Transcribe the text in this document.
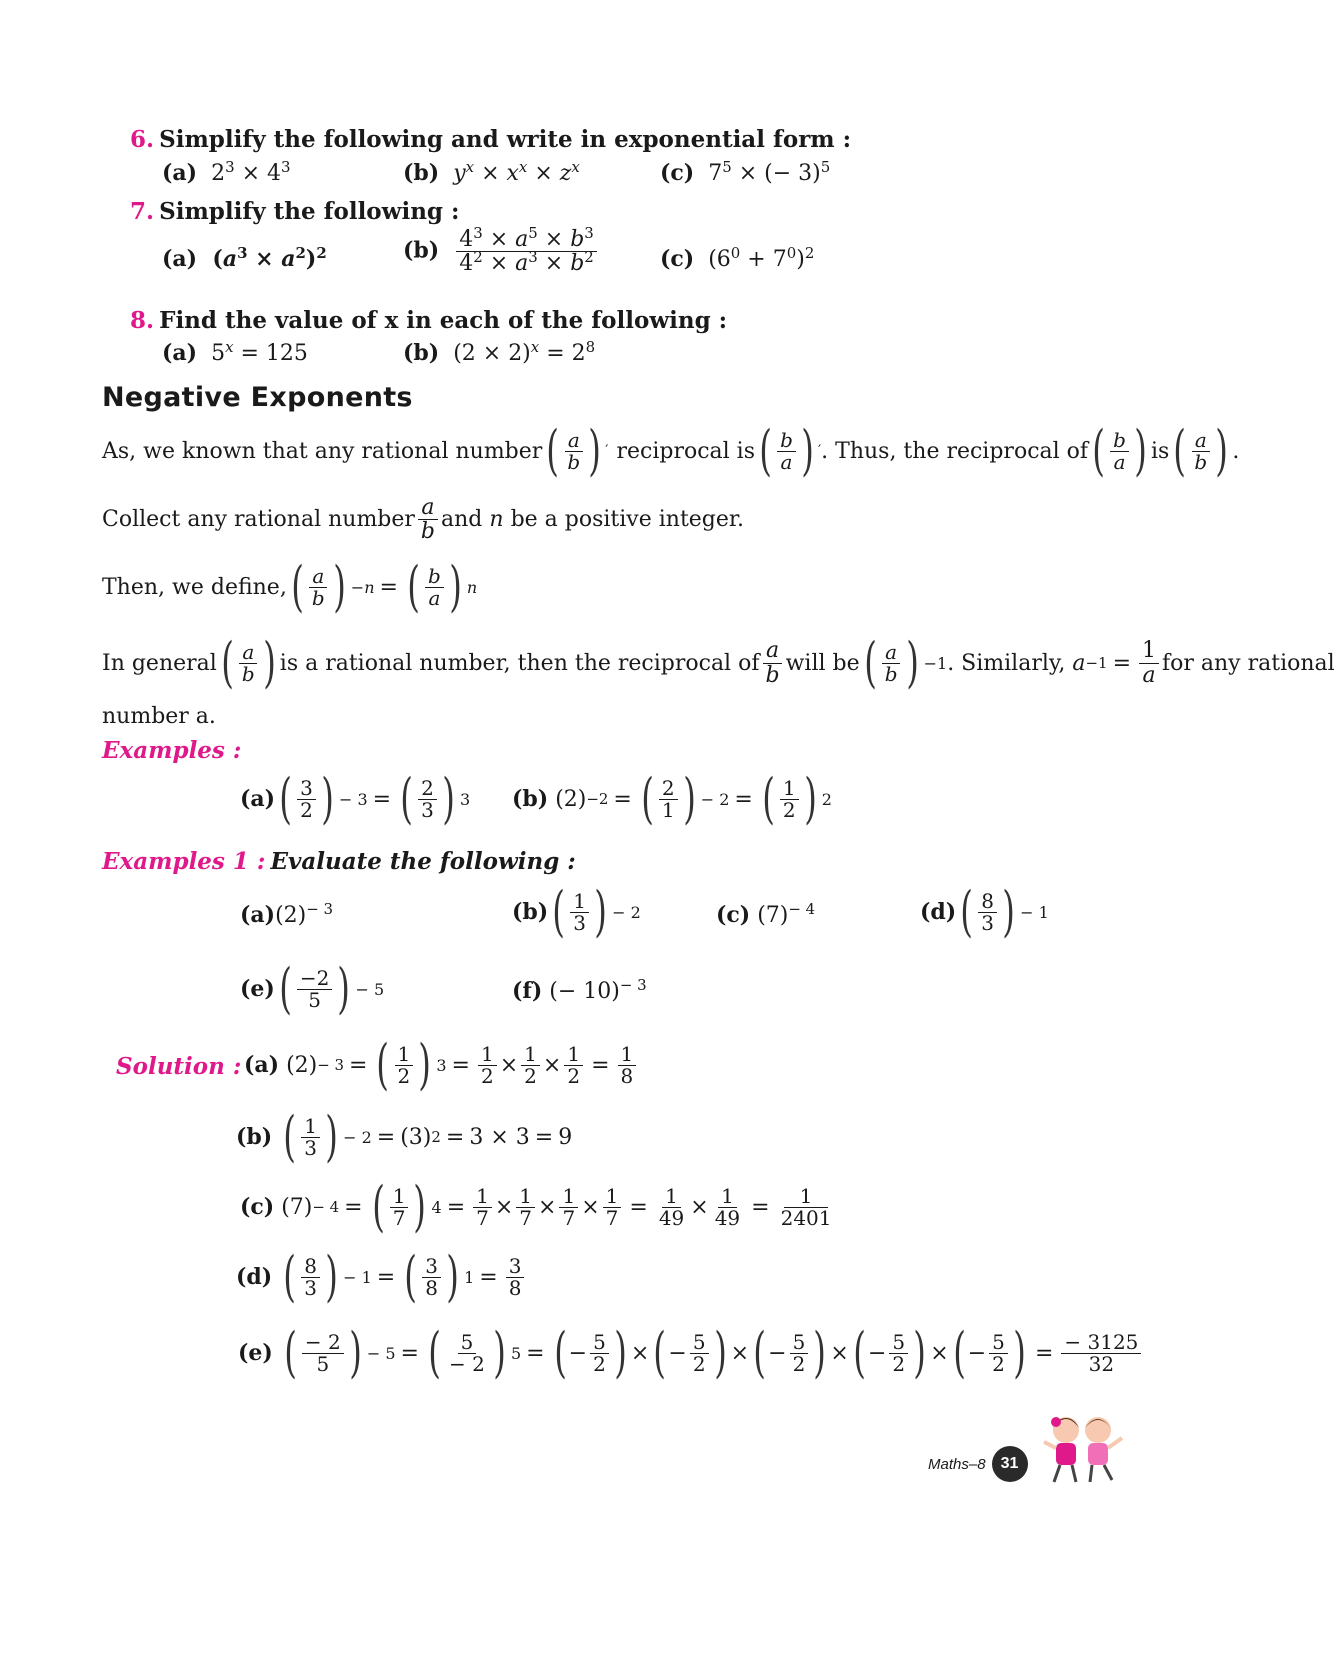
6. Simplify the following and write in exponential form :
(a)  $2^3 \times 4^3$	(b) $y^x \times x^x \times z^x$	(c)  $7^5$ × (− 3)$^5$
7. Simplify the following :
(a)  $(a^3 \times a^2)^2$	$(b) \frac{4^3 \times a^5 \times b^3}{4^2 \times a^3 \times b^2}$	(c)  $(6^0 + 7^0)^2$
8. Find the value of x in each of the following :
(a)  $5^x = 125$	(b)  $(2 \times 2)^x = 2^8$
Negative Exponents
As, we known that any rational number ( $\frac{a}{b}$ ) ′ reciprocal is ( $\frac{b}{a}$ ) ′ . Thus, the reciprocal of ( $\frac{b}{a}$ ) is ( $\frac{a}{b}$ ) .
Collect any rational number $\frac{a}{b}$ and
n
be a positive integer.
Then, we define, ( $\frac{a}{b}$ ) −n = ( $\frac{b}{a}$ ) n
In general ( $\frac{a}{b}$ ) is a rational number, then the reciprocal of $\frac{a}{b}$ will be ( $\frac{a}{b}$ ) −1 . Similarly,
$a -1 = \frac{1}{a}$ for any rational
number a.
Examples :
(a) ( $\frac{3}{2}$ ) − 3 = ( $\frac{2}{3}$ ) 3 (b) (2) −2 = ( $\frac{2}{1}$ ) − 2 = ( $\frac{1}{2}$ ) 2
Examples 1 : Evaluate the following :
$(a)(2)^{- 3}$	(b) ( $\frac{1}{3}$ ) − 2	(c) $(7)^{- 4}$	(d) ( $\frac{8}{3}$ ) − 1
(e) ( $\frac{-2}{5}$ ) − 5	(f) (− 10)$^{- 3}$
Solution : (a) (2) − 3 = ( $\frac{1}{2}$ ) $3 = \frac{1}{2} \times \frac{1}{2} \times \frac{1}{2} = \frac{1}{8}$
(b)
( $\frac{1}{3}$ ) − 2 = (3) 2 = 3 × 3 = 9
(c) (7) − 4 = ( $\frac{1}{7}$ ) $4 = \frac{1}{7} \times \frac{1}{7} \times \frac{1}{7} \times \frac{1}{7} = \frac{1}{49} \times \frac{1}{49} = \frac{1}{2401}$
(d)
( $\frac{8}{3}$ ) − 1 = ( $\frac{3}{8}$ ) $1 = \frac{3}{8}$
(e)
( $\frac{- 2}{5}$ ) − 5 = ( $\frac{5}{- 2}$ ) 5 = ( − $\frac{5}{2}$ ) × ( − $\frac{5}{2}$ ) × ( − $\frac{5}{2}$ ) × ( − $\frac{5}{2}$ ) × ( − $\frac{5}{2}$ ) = $\frac{- 3125}{32}$
Maths–8 31
